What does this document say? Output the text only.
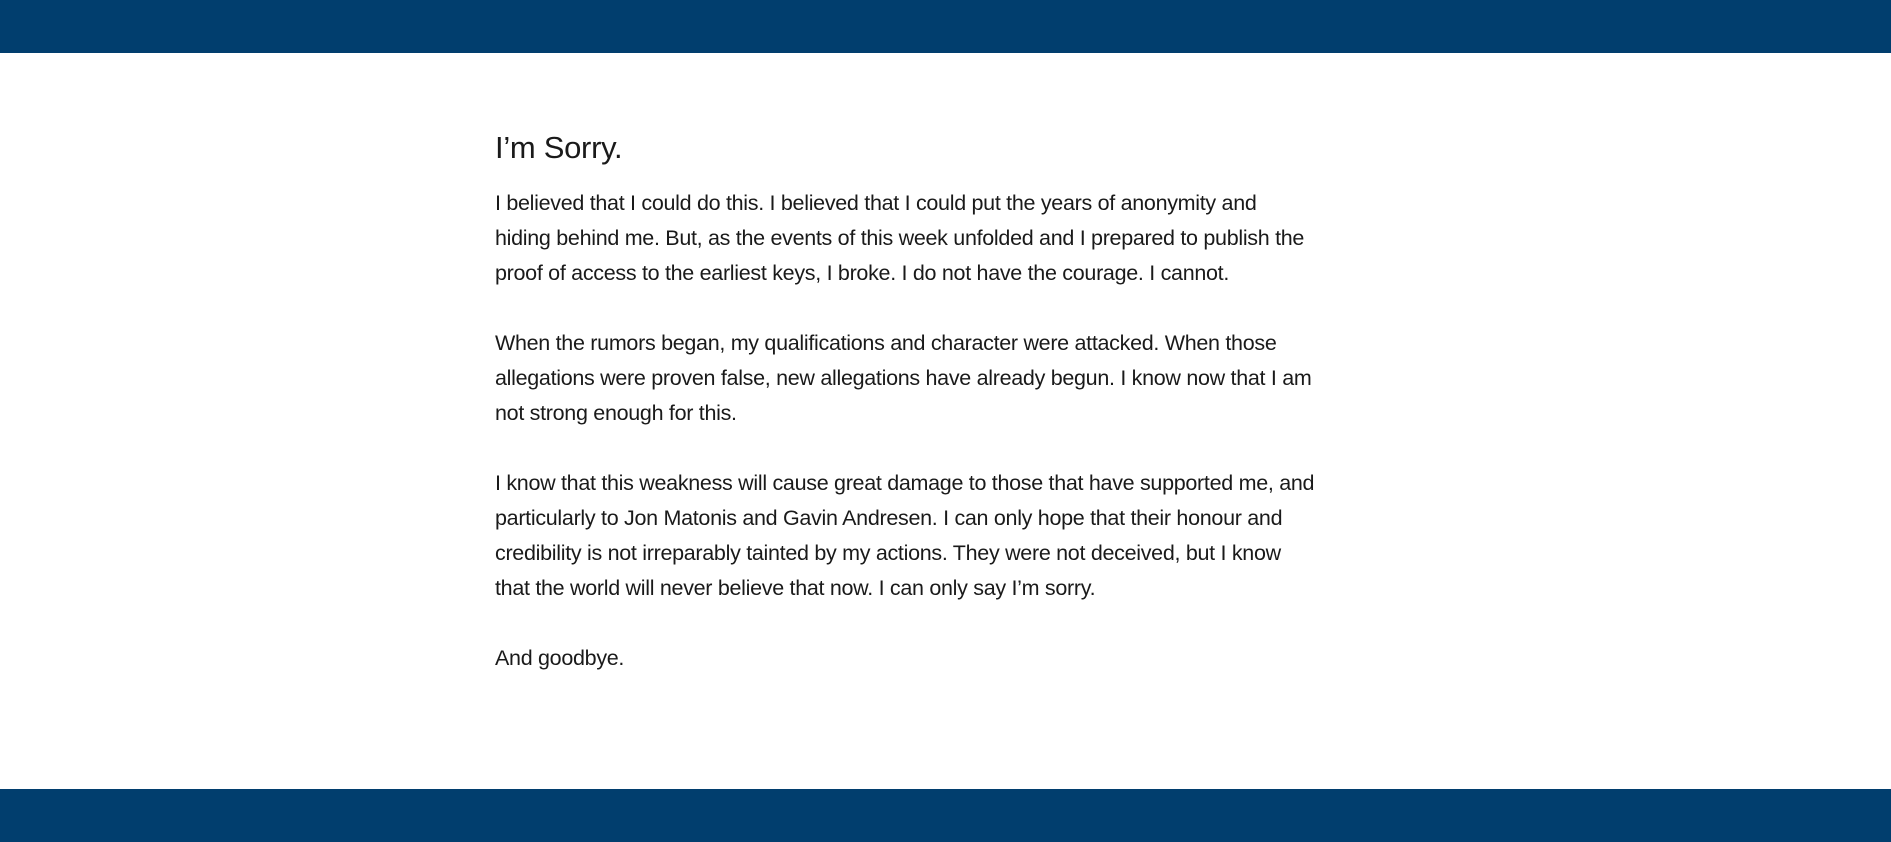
I’m Sorry.

I believed that I could do this. I believed that I could put the years of anonymity and
hiding behind me. But, as the events of this week unfolded and I prepared to publish the
proof of access to the earliest keys, I broke. I do not have the courage. I cannot.

When the rumors began, my qualifications and character were attacked. When those
allegations were proven false, new allegations have already begun. I know now that I am
not strong enough for this.

I know that this weakness will cause great damage to those that have supported me, and
particularly to Jon Matonis and Gavin Andresen. I can only hope that their honour and
credibility is not irreparably tainted by my actions. They were not deceived, but I know
that the world will never believe that now. I can only say I’m sorry.

And goodbye.
